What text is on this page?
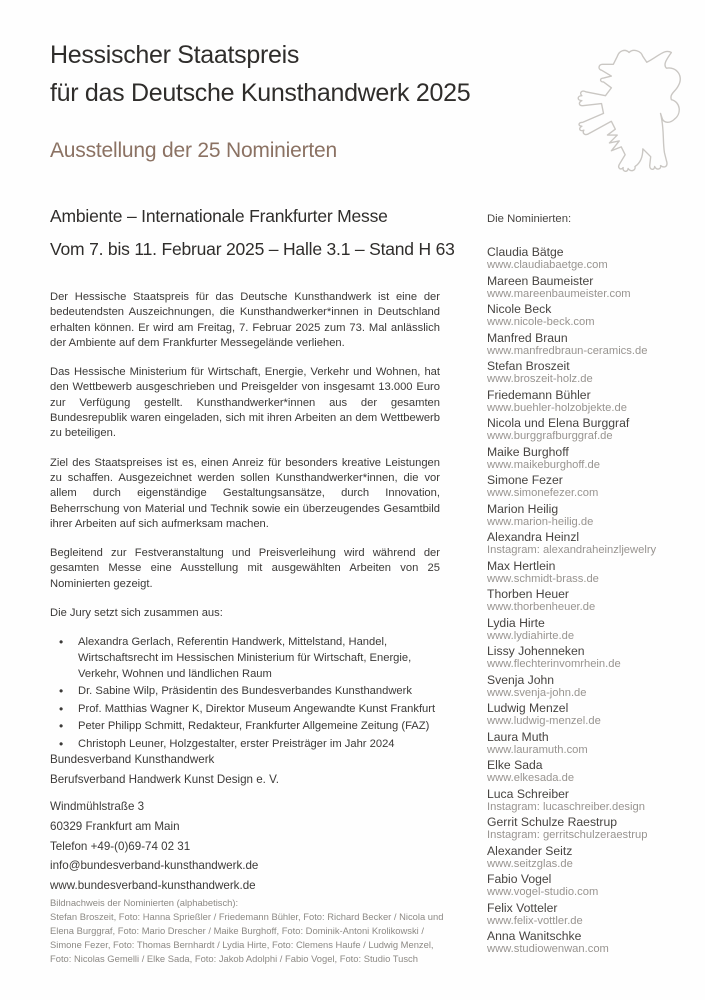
Hessischer Staatspreis
für das Deutsche Kunsthandwerk 2025
Ausstellung der 25 Nominierten
Ambiente – Internationale Frankfurter Messe
Vom 7. bis 11. Februar 2025 – Halle 3.1 – Stand H 63

Der Hessische Staatspreis für das Deutsche Kunsthandwerk ist eine der bedeutendsten Auszeichnungen, die Kunsthandwerker*innen in Deutschland erhalten können. Er wird am Freitag, 7. Februar 2025 zum 73. Mal anlässlich der Ambiente auf dem Frankfurter Messegelände verliehen.

Das Hessische Ministerium für Wirtschaft, Energie, Verkehr und Wohnen, hat den Wettbewerb ausgeschrieben und Preisgelder von insgesamt 13.000 Euro zur Verfügung gestellt. Kunsthandwerker*innen aus der gesamten Bundesrepublik waren eingeladen, sich mit ihren Arbeiten an dem Wettbewerb zu beteiligen.

Ziel des Staatspreises ist es, einen Anreiz für besonders kreative Leistungen zu schaffen. Ausgezeichnet werden sollen Kunsthandwerker*innen, die vor allem durch eigenständige Gestaltungsansätze, durch Innovation, Beherrschung von Material und Technik sowie ein überzeugendes Gesamtbild ihrer Arbeiten auf sich aufmerksam machen.

Begleitend zur Festveranstaltung und Preisverleihung wird während der gesamten Messe eine Ausstellung mit ausgewählten Arbeiten von 25 Nominierten gezeigt.

Die Jury setzt sich zusammen aus:

• Alexandra Gerlach, Referentin Handwerk, Mittelstand, Handel, Wirtschaftsrecht im Hessischen Ministerium für Wirtschaft, Energie, Verkehr, Wohnen und ländlichen Raum
• Dr. Sabine Wilp, Präsidentin des Bundesverbandes Kunsthandwerk
• Prof. Matthias Wagner K, Direktor Museum Angewandte Kunst Frankfurt
• Peter Philipp Schmitt, Redakteur, Frankfurter Allgemeine Zeitung (FAZ)
• Christoph Leuner, Holzgestalter, erster Preisträger im Jahr 2024
Bundesverband Kunsthandwerk
Berufsverband Handwerk Kunst Design e. V.
Windmühlstraße 3
60329 Frankfurt am Main
Telefon +49-(0)69-74 02 31
info@bundesverband-kunsthandwerk.de
www.bundesverband-kunsthandwerk.de
Bildnachweis der Nominierten (alphabetisch):
Stefan Broszeit, Foto: Hanna Sprießler / Friedemann Bühler, Foto: Richard Becker / Nicola und Elena Burggraf, Foto: Mario Drescher / Maike Burghoff, Foto: Dominik-Antoni Krolikowski / Simone Fezer, Foto: Thomas Bernhardt / Lydia Hirte, Foto: Clemens Haufe / Ludwig Menzel, Foto: Nicolas Gemelli / Elke Sada, Foto: Jakob Adolphi / Fabio Vogel, Foto: Studio Tusch
Die Nominierten:
Claudia Bätge
www.claudiabaetge.com
Mareen Baumeister
www.mareenbaumeister.com
Nicole Beck
www.nicole-beck.com
Manfred Braun
www.manfredbraun-ceramics.de
Stefan Broszeit
www.broszeit-holz.de
Friedemann Bühler
www.buehler-holzobjekte.de
Nicola und Elena Burggraf
www.burggrafburggraf.de
Maike Burghoff
www.maikeburghoff.de
Simone Fezer
www.simonefezer.com
Marion Heilig
www.marion-heilig.de
Alexandra Heinzl
Instagram: alexandraheinzljewelry
Max Hertlein
www.schmidt-brass.de
Thorben Heuer
www.thorbenheuer.de
Lydia Hirte
www.lydiahirte.de
Lissy Johenneken
www.flechterinvomrhein.de
Svenja John
www.svenja-john.de
Ludwig Menzel
www.ludwig-menzel.de
Laura Muth
www.lauramuth.com
Elke Sada
www.elkesada.de
Luca Schreiber
Instagram: lucaschreiber.design
Gerrit Schulze Raestrup
Instagram: gerritschulzeraestrup
Alexander Seitz
www.seitzglas.de
Fabio Vogel
www.vogel-studio.com
Felix Votteler
www.felix-vottler.de
Anna Wanitschke
www.studiowenwan.com
